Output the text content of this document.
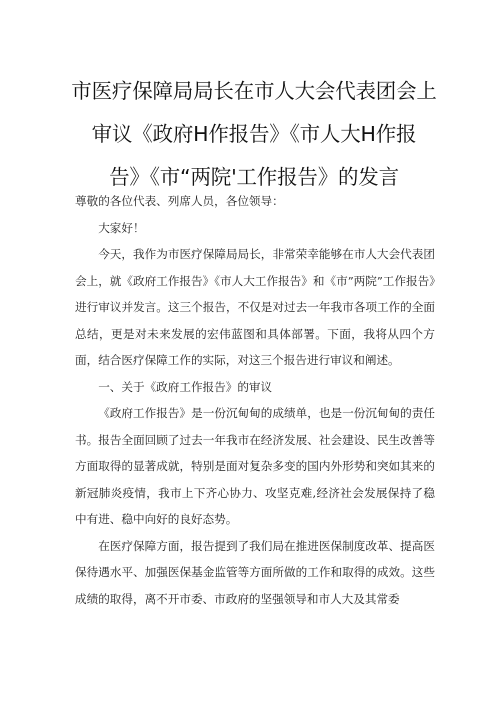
市医疗保障局局长在市人大会代表团会上
审议《政府H作报告》《市人大H作报
告》《市“两院'工作报告》的发言

尊敬的各位代表、列席人员，各位领导：

大家好！

今天，我作为市医疗保障局局长，非常荣幸能够在市人大会代表团会上，就《政府工作报告》《市人大工作报告》和《市”两院”工作报告》进行审议并发言。这三个报告，不仅是对过去一年我市各项工作的全面总结，更是对未来发展的宏伟蓝图和具体部署。下面，我将从四个方面，结合医疗保障工作的实际，对这三个报告进行审议和阐述。

一、关于《政府工作报告》的审议

《政府工作报告》是一份沉甸甸的成绩单，也是一份沉甸甸的责任书。报告全面回顾了过去一年我市在经济发展、社会建设、民生改善等方面取得的显著成就，特别是面对复杂多变的国内外形势和突如其来的新冠肺炎疫情，我市上下齐心协力、攻坚克难,经济社会发展保持了稳中有进、稳中向好的良好态势。

在医疗保障方面，报告提到了我们局在推进医保制度改革、提高医保待遇水平、加强医保基金监管等方面所做的工作和取得的成效。这些成绩的取得，离不开市委、市政府的坚强领导和市人大及其常委
